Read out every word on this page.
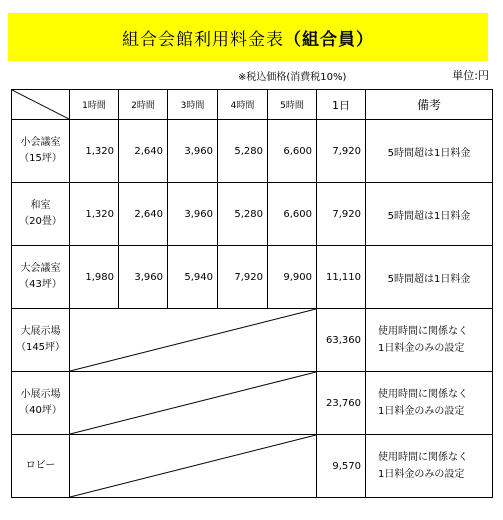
組合会館利用料金表（組合員）
※税込価格(消費税10%)	単位:円
	1時間	2時間	3時間	4時間	5時間	1日	備考
小会議室
（15坪）	1,320	2,640	3,960	5,280	6,600	7,920	5時間超は1日料金
和室
（20畳）	1,320	2,640	3,960	5,280	6,600	7,920	5時間超は1日料金
大会議室
（43坪）	1,980	3,960	5,940	7,920	9,900	11,110	5時間超は1日料金
大展示場
（145坪）						63,360	使用時間に関係なく
1日料金のみの設定
小展示場
（40坪）						23,760	使用時間に関係なく
1日料金のみの設定
ロビー						9,570	使用時間に関係なく
1日料金のみの設定
